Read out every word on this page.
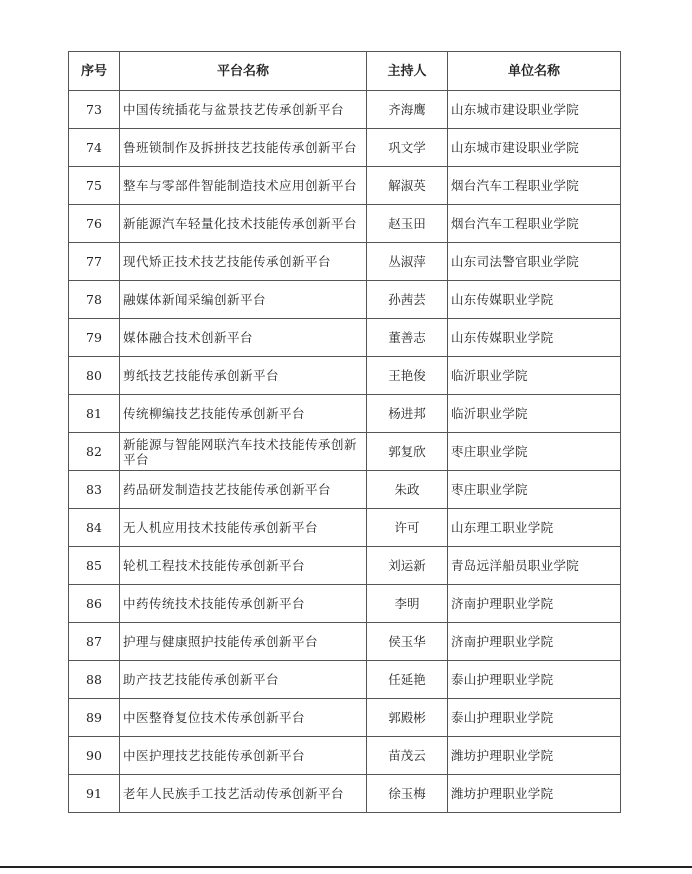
序号	平台名称	主持人	单位名称
73	中国传统插花与盆景技艺传承创新平台	齐海鹰	山东城市建设职业学院
74	鲁班锁制作及拆拼技艺技能传承创新平台	巩文学	山东城市建设职业学院
75	整车与零部件智能制造技术应用创新平台	解淑英	烟台汽车工程职业学院
76	新能源汽车轻量化技术技能传承创新平台	赵玉田	烟台汽车工程职业学院
77	现代矫正技术技艺技能传承创新平台	丛淑萍	山东司法警官职业学院
78	融媒体新闻采编创新平台	孙茜芸	山东传媒职业学院
79	媒体融合技术创新平台	董善志	山东传媒职业学院
80	剪纸技艺技能传承创新平台	王艳俊	临沂职业学院
81	传统柳编技艺技能传承创新平台	杨进邦	临沂职业学院
82	新能源与智能网联汽车技术技能传承创新平台	郭复欣	枣庄职业学院
83	药品研发制造技艺技能传承创新平台	朱政	枣庄职业学院
84	无人机应用技术技能传承创新平台	许可	山东理工职业学院
85	轮机工程技术技能传承创新平台	刘运新	青岛远洋船员职业学院
86	中药传统技术技能传承创新平台	李明	济南护理职业学院
87	护理与健康照护技能传承创新平台	侯玉华	济南护理职业学院
88	助产技艺技能传承创新平台	任延艳	泰山护理职业学院
89	中医整脊复位技术传承创新平台	郭殿彬	泰山护理职业学院
90	中医护理技艺技能传承创新平台	苗茂云	潍坊护理职业学院
91	老年人民族手工技艺活动传承创新平台	徐玉梅	潍坊护理职业学院
